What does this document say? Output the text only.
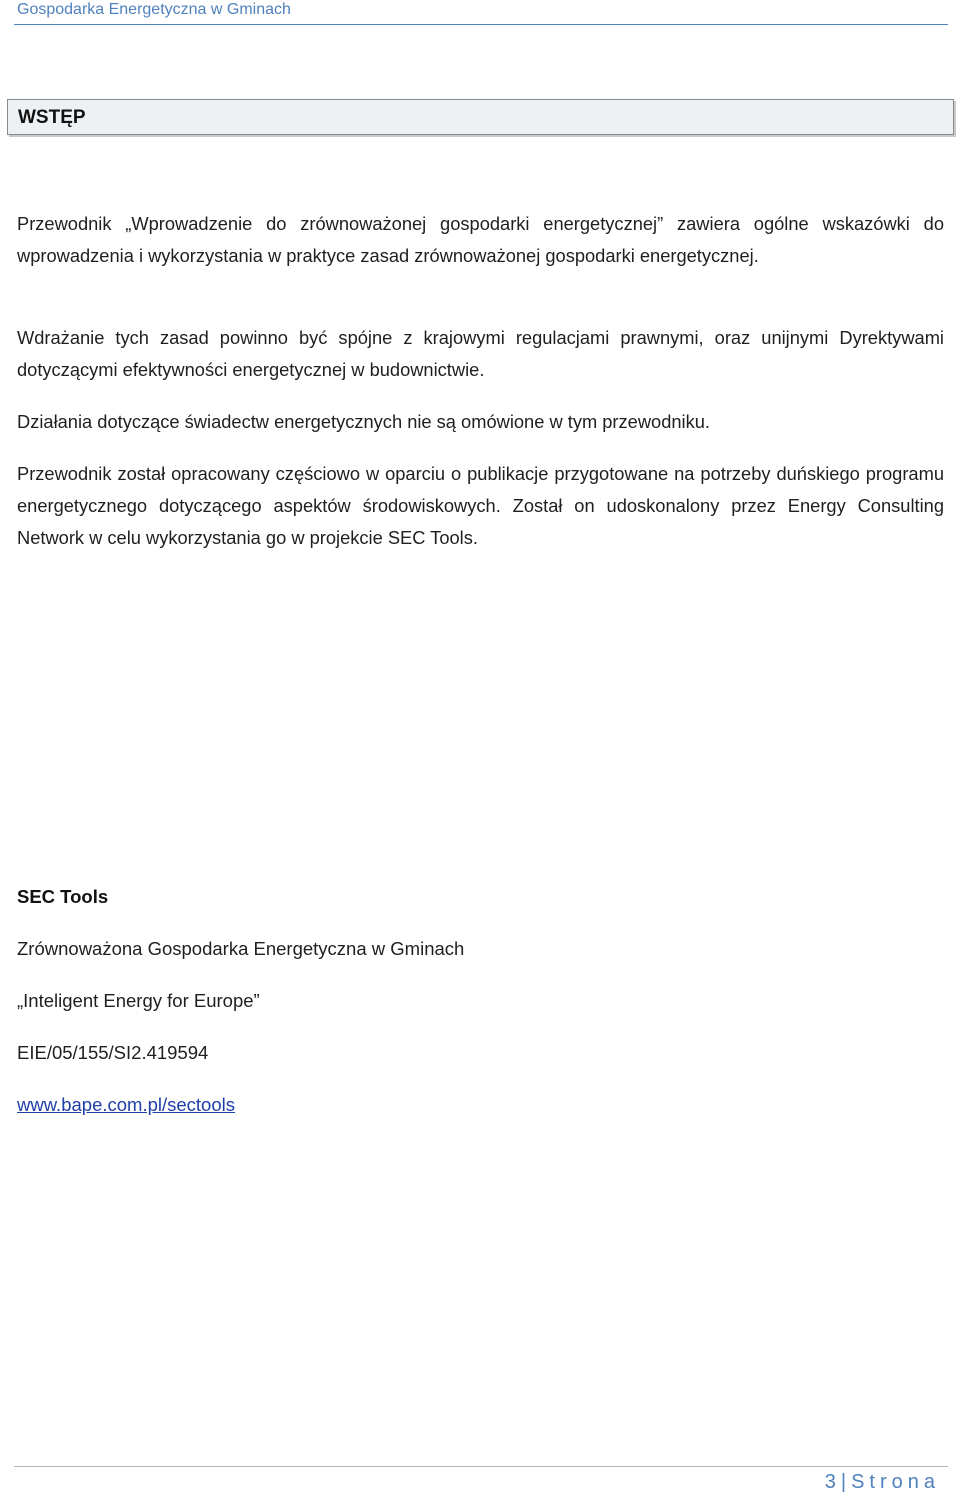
Gospodarka Energetyczna w Gminach
WSTĘP

Przewodnik „Wprowadzenie do zrównoważonej gospodarki energetycznej” zawiera ogólne wskazówki do wprowadzenia i wykorzystania w praktyce zasad zrównoważonej gospodarki energetycznej.

Wdrażanie tych zasad powinno być spójne z krajowymi regulacjami prawnymi, oraz unijnymi Dyrektywami dotyczącymi efektywności energetycznej w budownictwie.

Działania dotyczące świadectw energetycznych nie są omówione w tym przewodniku.

Przewodnik został opracowany częściowo w oparciu o publikacje przygotowane na potrzeby duńskiego programu energetycznego dotyczącego aspektów środowiskowych. Został on udoskonalony przez Energy Consulting Network w celu wykorzystania go w projekcie SEC Tools.

SEC Tools

Zrównoważona Gospodarka Energetyczna w Gminach

„Inteligent Energy for Europe”

EIE/05/155/SI2.419594

www.bape.com.pl/sectools

3 | Strona
